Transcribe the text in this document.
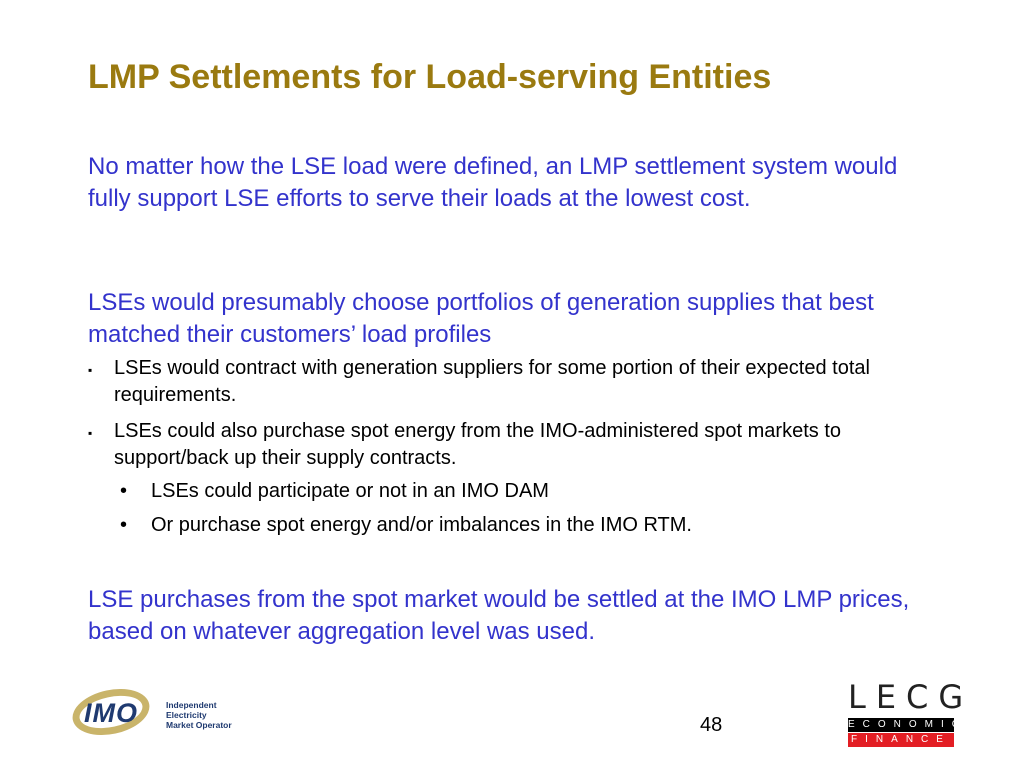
LMP Settlements for Load-serving Entities

No matter how the LSE load were defined, an LMP settlement system would fully support LSE efforts to serve their loads at the lowest cost.

LSEs would presumably choose portfolios of generation supplies that best matched their customers’ load profiles

▪ LSEs would contract with generation suppliers for some portion of their expected total requirements.
▪ LSEs could also purchase spot energy from the IMO-administered spot markets to support/back up their supply contracts.
• LSEs could participate or not in an IMO DAM
• Or purchase spot energy and/or imbalances in the IMO RTM.

LSE purchases from the spot market would be settled at the IMO LMP prices, based on whatever aggregation level was used.

IMO	Independent
Electricity
Market Operator	48
LECG
ECONOMICS
FINANCE
